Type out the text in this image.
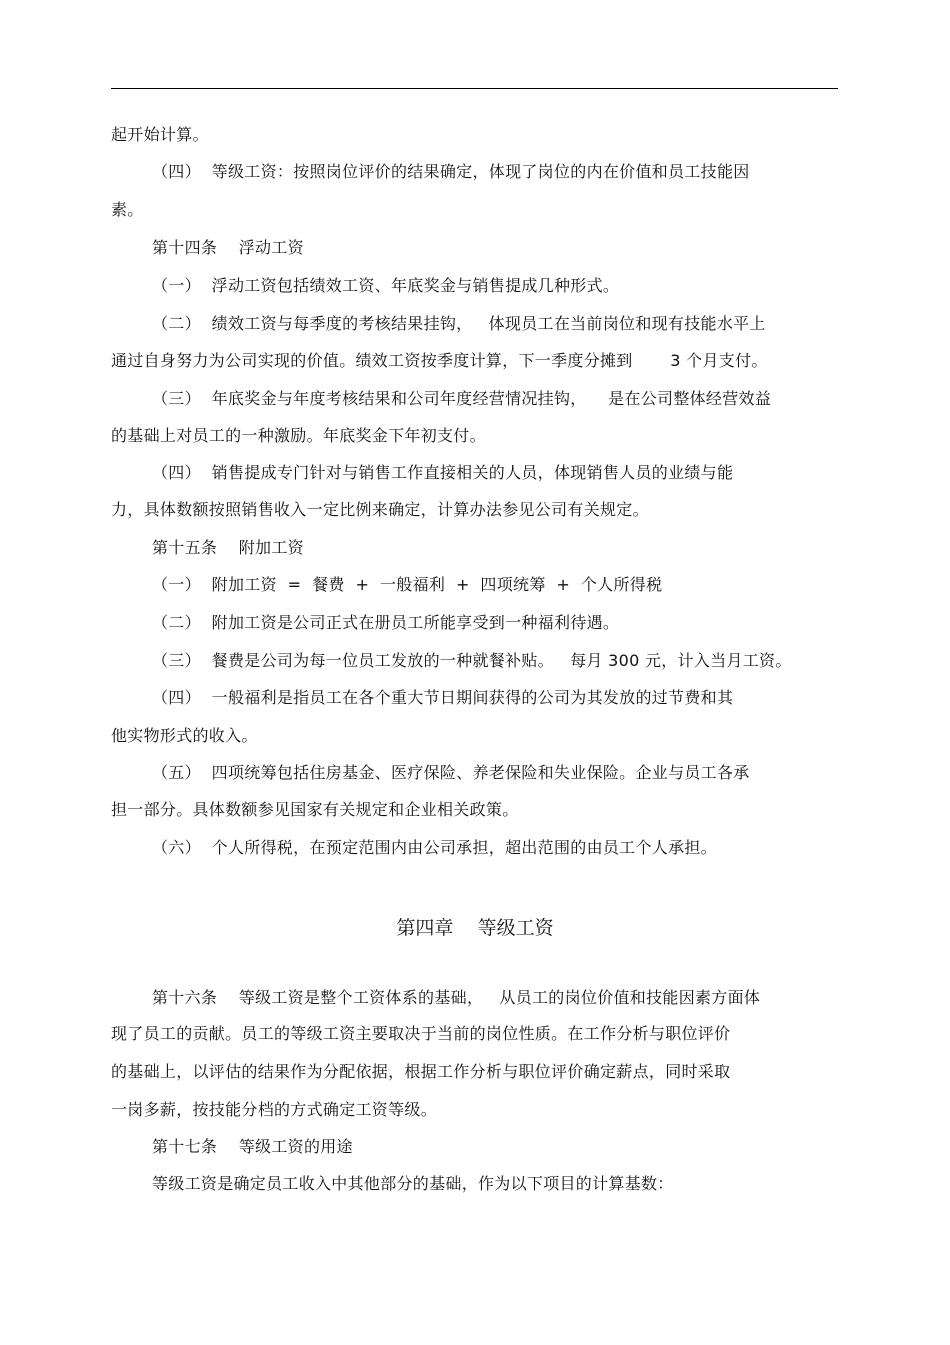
起开始计算。
（四）  等级工资：按照岗位评价的结果确定，体现了岗位的内在价值和员工技能因
素。
第十四条    浮动工资
（一）  浮动工资包括绩效工资、年底奖金与销售提成几种形式。
（二）  绩效工资与每季度的考核结果挂钩，   体现员工在当前岗位和现有技能水平上
通过自身努力为公司实现的价值。绩效工资按季度计算，下一季度分摊到       3 个月支付。
（三）  年底奖金与年度考核结果和公司年度经营情况挂钩，    是在公司整体经营效益
的基础上对员工的一种激励。年底奖金下年初支付。
（四）  销售提成专门针对与销售工作直接相关的人员，体现销售人员的业绩与能
力，具体数额按照销售收入一定比例来确定，计算办法参见公司有关规定。
第十五条    附加工资
（一）  附加工资  =  餐费  +  一般福利  +  四项统筹  +  个人所得税
（二）  附加工资是公司正式在册员工所能享受到一种福利待遇。
（三）  餐费是公司为每一位员工发放的一种就餐补贴。   每月 300 元，计入当月工资。
（四）  一般福利是指员工在各个重大节日期间获得的公司为其发放的过节费和其
他实物形式的收入。
（五）  四项统筹包括住房基金、医疗保险、养老保险和失业保险。企业与员工各承
担一部分。具体数额参见国家有关规定和企业相关政策。
（六）  个人所得税，在预定范围内由公司承担，超出范围的由员工个人承担。
第四章    等级工资
第十六条    等级工资是整个工资体系的基础，   从员工的岗位价值和技能因素方面体
现了员工的贡献。员工的等级工资主要取决于当前的岗位性质。在工作分析与职位评价
的基础上，以评估的结果作为分配依据，根据工作分析与职位评价确定薪点，同时采取
一岗多薪，按技能分档的方式确定工资等级。
第十七条    等级工资的用途
等级工资是确定员工收入中其他部分的基础，作为以下项目的计算基数：
